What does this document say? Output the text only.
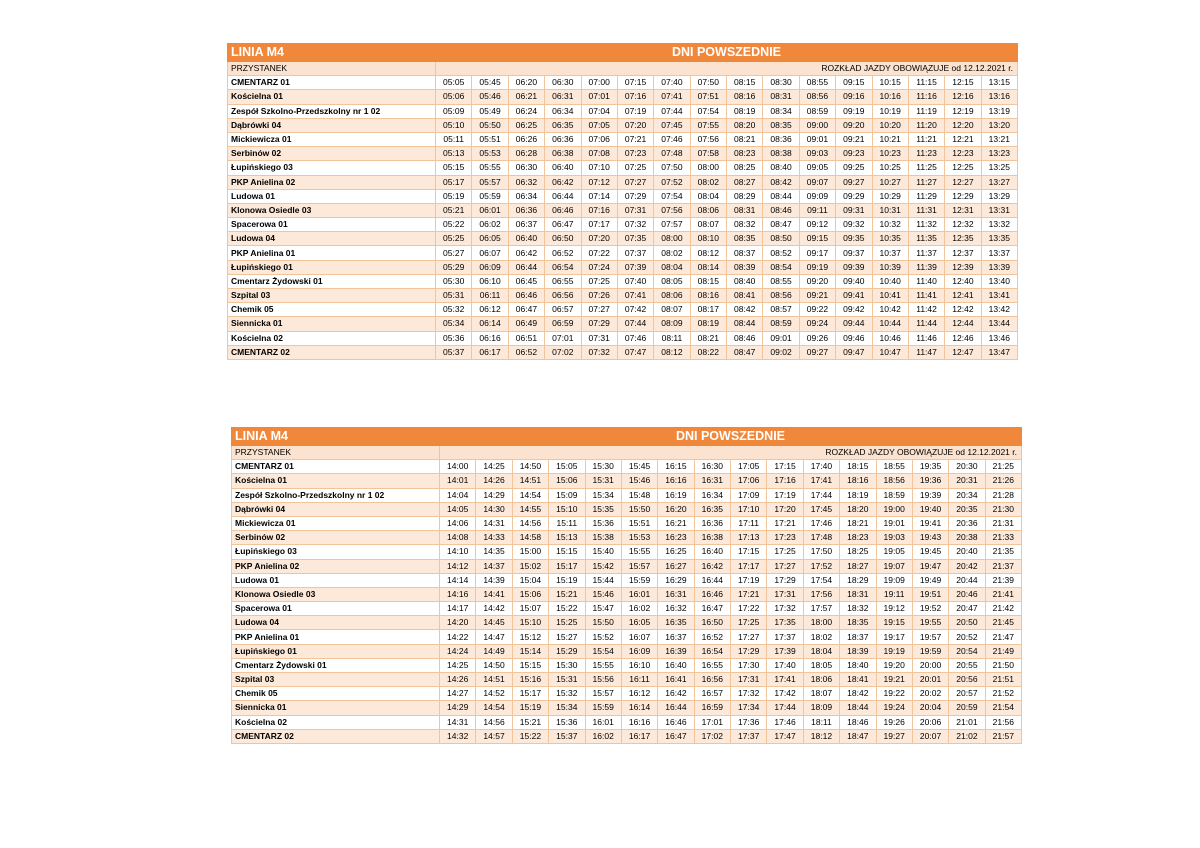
LINIA M4	DNI POWSZEDNIE															
PRZYSTANEK	ROZKŁAD JAZDY OBOWIĄZUJE od 12.12.2021 r.															
CMENTARZ 01	05:05	05:45	06:20	06:30	07:00	07:15	07:40	07:50	08:15	08:30	08:55	09:15	10:15	11:15	12:15	13:15
Kościelna 01	05:06	05:46	06:21	06:31	07:01	07:16	07:41	07:51	08:16	08:31	08:56	09:16	10:16	11:16	12:16	13:16
Zespół Szkolno-Przedszkolny nr 1 02	05:09	05:49	06:24	06:34	07:04	07:19	07:44	07:54	08:19	08:34	08:59	09:19	10:19	11:19	12:19	13:19
Dąbrówki 04	05:10	05:50	06:25	06:35	07:05	07:20	07:45	07:55	08:20	08:35	09:00	09:20	10:20	11:20	12:20	13:20
Mickiewicza 01	05:11	05:51	06:26	06:36	07:06	07:21	07:46	07:56	08:21	08:36	09:01	09:21	10:21	11:21	12:21	13:21
Serbinów 02	05:13	05:53	06:28	06:38	07:08	07:23	07:48	07:58	08:23	08:38	09:03	09:23	10:23	11:23	12:23	13:23
Łupińskiego 03	05:15	05:55	06:30	06:40	07:10	07:25	07:50	08:00	08:25	08:40	09:05	09:25	10:25	11:25	12:25	13:25
PKP Anielina 02	05:17	05:57	06:32	06:42	07:12	07:27	07:52	08:02	08:27	08:42	09:07	09:27	10:27	11:27	12:27	13:27
Ludowa 01	05:19	05:59	06:34	06:44	07:14	07:29	07:54	08:04	08:29	08:44	09:09	09:29	10:29	11:29	12:29	13:29
Klonowa Osiedle 03	05:21	06:01	06:36	06:46	07:16	07:31	07:56	08:06	08:31	08:46	09:11	09:31	10:31	11:31	12:31	13:31
Spacerowa 01	05:22	06:02	06:37	06:47	07:17	07:32	07:57	08:07	08:32	08:47	09:12	09:32	10:32	11:32	12:32	13:32
Ludowa 04	05:25	06:05	06:40	06:50	07:20	07:35	08:00	08:10	08:35	08:50	09:15	09:35	10:35	11:35	12:35	13:35
PKP Anielina 01	05:27	06:07	06:42	06:52	07:22	07:37	08:02	08:12	08:37	08:52	09:17	09:37	10:37	11:37	12:37	13:37
Łupińskiego 01	05:29	06:09	06:44	06:54	07:24	07:39	08:04	08:14	08:39	08:54	09:19	09:39	10:39	11:39	12:39	13:39
Cmentarz Żydowski 01	05:30	06:10	06:45	06:55	07:25	07:40	08:05	08:15	08:40	08:55	09:20	09:40	10:40	11:40	12:40	13:40
Szpital 03	05:31	06:11	06:46	06:56	07:26	07:41	08:06	08:16	08:41	08:56	09:21	09:41	10:41	11:41	12:41	13:41
Chemik 05	05:32	06:12	06:47	06:57	07:27	07:42	08:07	08:17	08:42	08:57	09:22	09:42	10:42	11:42	12:42	13:42
Siennicka 01	05:34	06:14	06:49	06:59	07:29	07:44	08:09	08:19	08:44	08:59	09:24	09:44	10:44	11:44	12:44	13:44
Kościelna 02	05:36	06:16	06:51	07:01	07:31	07:46	08:11	08:21	08:46	09:01	09:26	09:46	10:46	11:46	12:46	13:46
CMENTARZ 02	05:37	06:17	06:52	07:02	07:32	07:47	08:12	08:22	08:47	09:02	09:27	09:47	10:47	11:47	12:47	13:47
LINIA M4	DNI POWSZEDNIE															
PRZYSTANEK	ROZKŁAD JAZDY OBOWIĄZUJE od 12.12.2021 r.															
CMENTARZ 01	14:00	14:25	14:50	15:05	15:30	15:45	16:15	16:30	17:05	17:15	17:40	18:15	18:55	19:35	20:30	21:25
Kościelna 01	14:01	14:26	14:51	15:06	15:31	15:46	16:16	16:31	17:06	17:16	17:41	18:16	18:56	19:36	20:31	21:26
Zespół Szkolno-Przedszkolny nr 1 02	14:04	14:29	14:54	15:09	15:34	15:48	16:19	16:34	17:09	17:19	17:44	18:19	18:59	19:39	20:34	21:28
Dąbrówki 04	14:05	14:30	14:55	15:10	15:35	15:50	16:20	16:35	17:10	17:20	17:45	18:20	19:00	19:40	20:35	21:30
Mickiewicza 01	14:06	14:31	14:56	15:11	15:36	15:51	16:21	16:36	17:11	17:21	17:46	18:21	19:01	19:41	20:36	21:31
Serbinów 02	14:08	14:33	14:58	15:13	15:38	15:53	16:23	16:38	17:13	17:23	17:48	18:23	19:03	19:43	20:38	21:33
Łupińskiego 03	14:10	14:35	15:00	15:15	15:40	15:55	16:25	16:40	17:15	17:25	17:50	18:25	19:05	19:45	20:40	21:35
PKP Anielina 02	14:12	14:37	15:02	15:17	15:42	15:57	16:27	16:42	17:17	17:27	17:52	18:27	19:07	19:47	20:42	21:37
Ludowa 01	14:14	14:39	15:04	15:19	15:44	15:59	16:29	16:44	17:19	17:29	17:54	18:29	19:09	19:49	20:44	21:39
Klonowa Osiedle 03	14:16	14:41	15:06	15:21	15:46	16:01	16:31	16:46	17:21	17:31	17:56	18:31	19:11	19:51	20:46	21:41
Spacerowa 01	14:17	14:42	15:07	15:22	15:47	16:02	16:32	16:47	17:22	17:32	17:57	18:32	19:12	19:52	20:47	21:42
Ludowa 04	14:20	14:45	15:10	15:25	15:50	16:05	16:35	16:50	17:25	17:35	18:00	18:35	19:15	19:55	20:50	21:45
PKP Anielina 01	14:22	14:47	15:12	15:27	15:52	16:07	16:37	16:52	17:27	17:37	18:02	18:37	19:17	19:57	20:52	21:47
Łupińskiego 01	14:24	14:49	15:14	15:29	15:54	16:09	16:39	16:54	17:29	17:39	18:04	18:39	19:19	19:59	20:54	21:49
Cmentarz Żydowski 01	14:25	14:50	15:15	15:30	15:55	16:10	16:40	16:55	17:30	17:40	18:05	18:40	19:20	20:00	20:55	21:50
Szpital 03	14:26	14:51	15:16	15:31	15:56	16:11	16:41	16:56	17:31	17:41	18:06	18:41	19:21	20:01	20:56	21:51
Chemik 05	14:27	14:52	15:17	15:32	15:57	16:12	16:42	16:57	17:32	17:42	18:07	18:42	19:22	20:02	20:57	21:52
Siennicka 01	14:29	14:54	15:19	15:34	15:59	16:14	16:44	16:59	17:34	17:44	18:09	18:44	19:24	20:04	20:59	21:54
Kościelna 02	14:31	14:56	15:21	15:36	16:01	16:16	16:46	17:01	17:36	17:46	18:11	18:46	19:26	20:06	21:01	21:56
CMENTARZ 02	14:32	14:57	15:22	15:37	16:02	16:17	16:47	17:02	17:37	17:47	18:12	18:47	19:27	20:07	21:02	21:57
